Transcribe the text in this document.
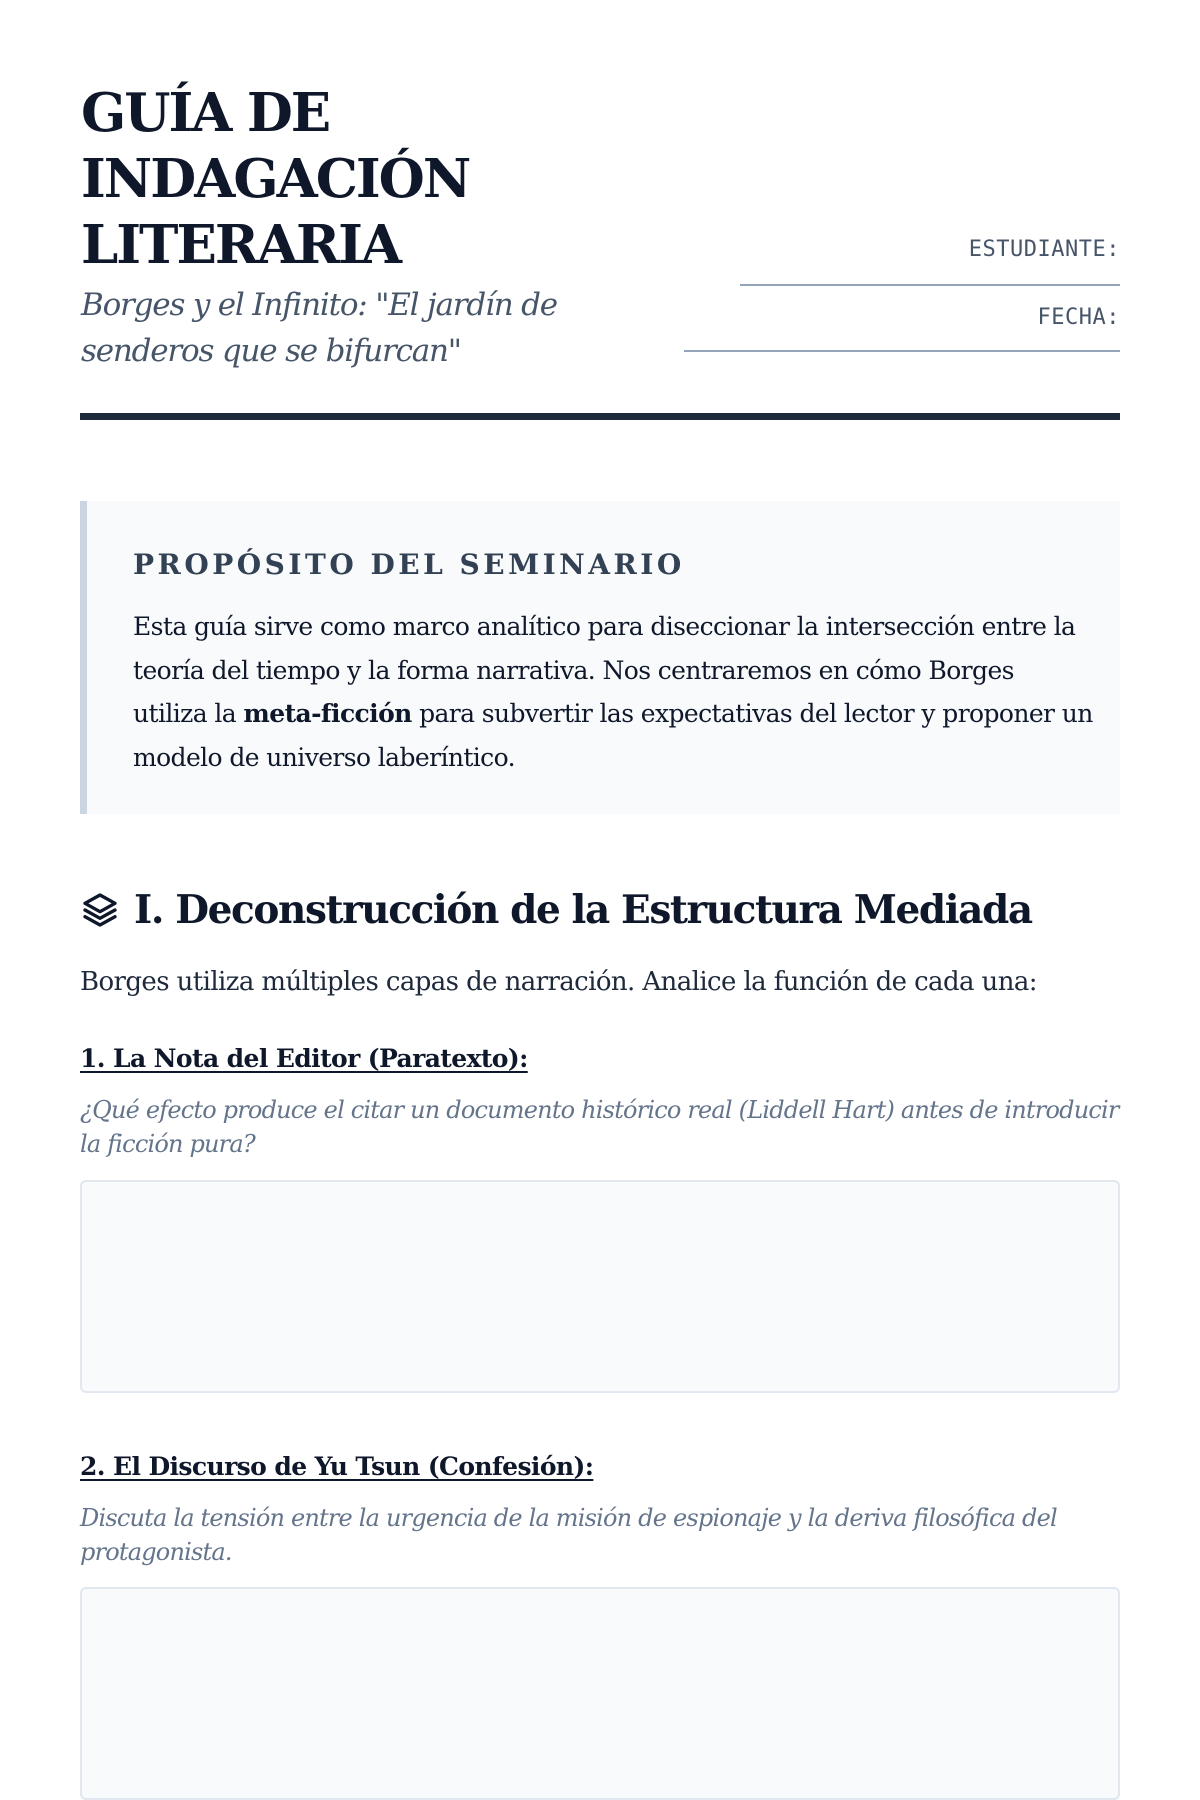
GUÍA DE INDAGACIÓN LITERARIA

Borges y el Infinito: "El jardín de senderos que se bifurcan"

ESTUDIANTE:
FECHA:
PROPÓSITO DEL SEMINARIO

Esta guía sirve como marco analítico para diseccionar la intersección entre la teoría del tiempo y la forma narrativa. Nos centraremos en cómo Borges utiliza la meta-ficción para subvertir las expectativas del lector y proponer un modelo de universo laberíntico.

I. Deconstrucción de la Estructura Mediada

Borges utiliza múltiples capas de narración. Analice la función de cada una:

1. La Nota del Editor (Paratexto):

¿Qué efecto produce el citar un documento histórico real (Liddell Hart) antes de introducir la ficción pura?

2. El Discurso de Yu Tsun (Confesión):

Discuta la tensión entre la urgencia de la misión de espionaje y la deriva filosófica del protagonista.
